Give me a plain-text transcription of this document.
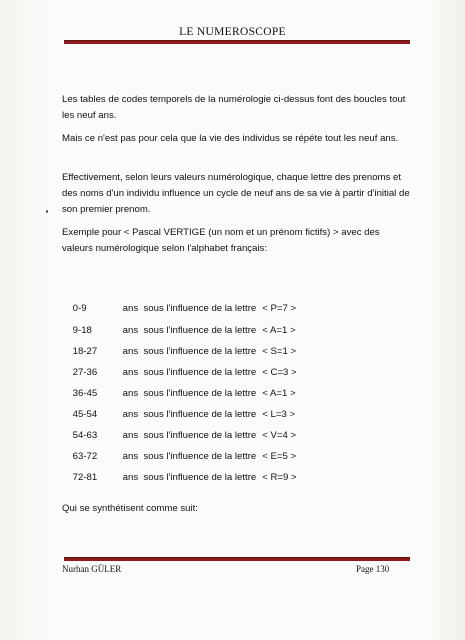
LE NUMEROSCOPE
Les tables de codes temporels de la numérologie ci-dessus font des boucles tout les neuf ans.
Mais ce n'est pas pour cela que la vie des individus se répéte tout les neuf ans.
Effectivement, selon leurs valeurs numérologique, chaque lettre des prenoms et des noms d'un individu influence un cycle de neuf ans de sa vie à partir d'initial de son premier prenom.
Exemple pour < Pascal VERTIGE (un nom et un prénom fictifs) > avec des valeurs numérologique selon l'alphabet français:

0-9	ans sous l'influence de la lettre < P=7 >

9-18	ans sous l'influence de la lettre < A=1 >

18-27	ans sous l'influence de la lettre < S=1 >

27-36	ans sous l'influence de la lettre < C=3 >

36-45	ans sous l'influence de la lettre < A=1 >

45-54	ans sous l'influence de la lettre < L=3 >

54-63	ans sous l'influence de la lettre < V=4 >

63-72	ans sous l'influence de la lettre < E=5 >

72-81	ans sous l'influence de la lettre < R=9 >

Qui se synthétisent comme suit:
Nurhan GÜLER	Page 130
